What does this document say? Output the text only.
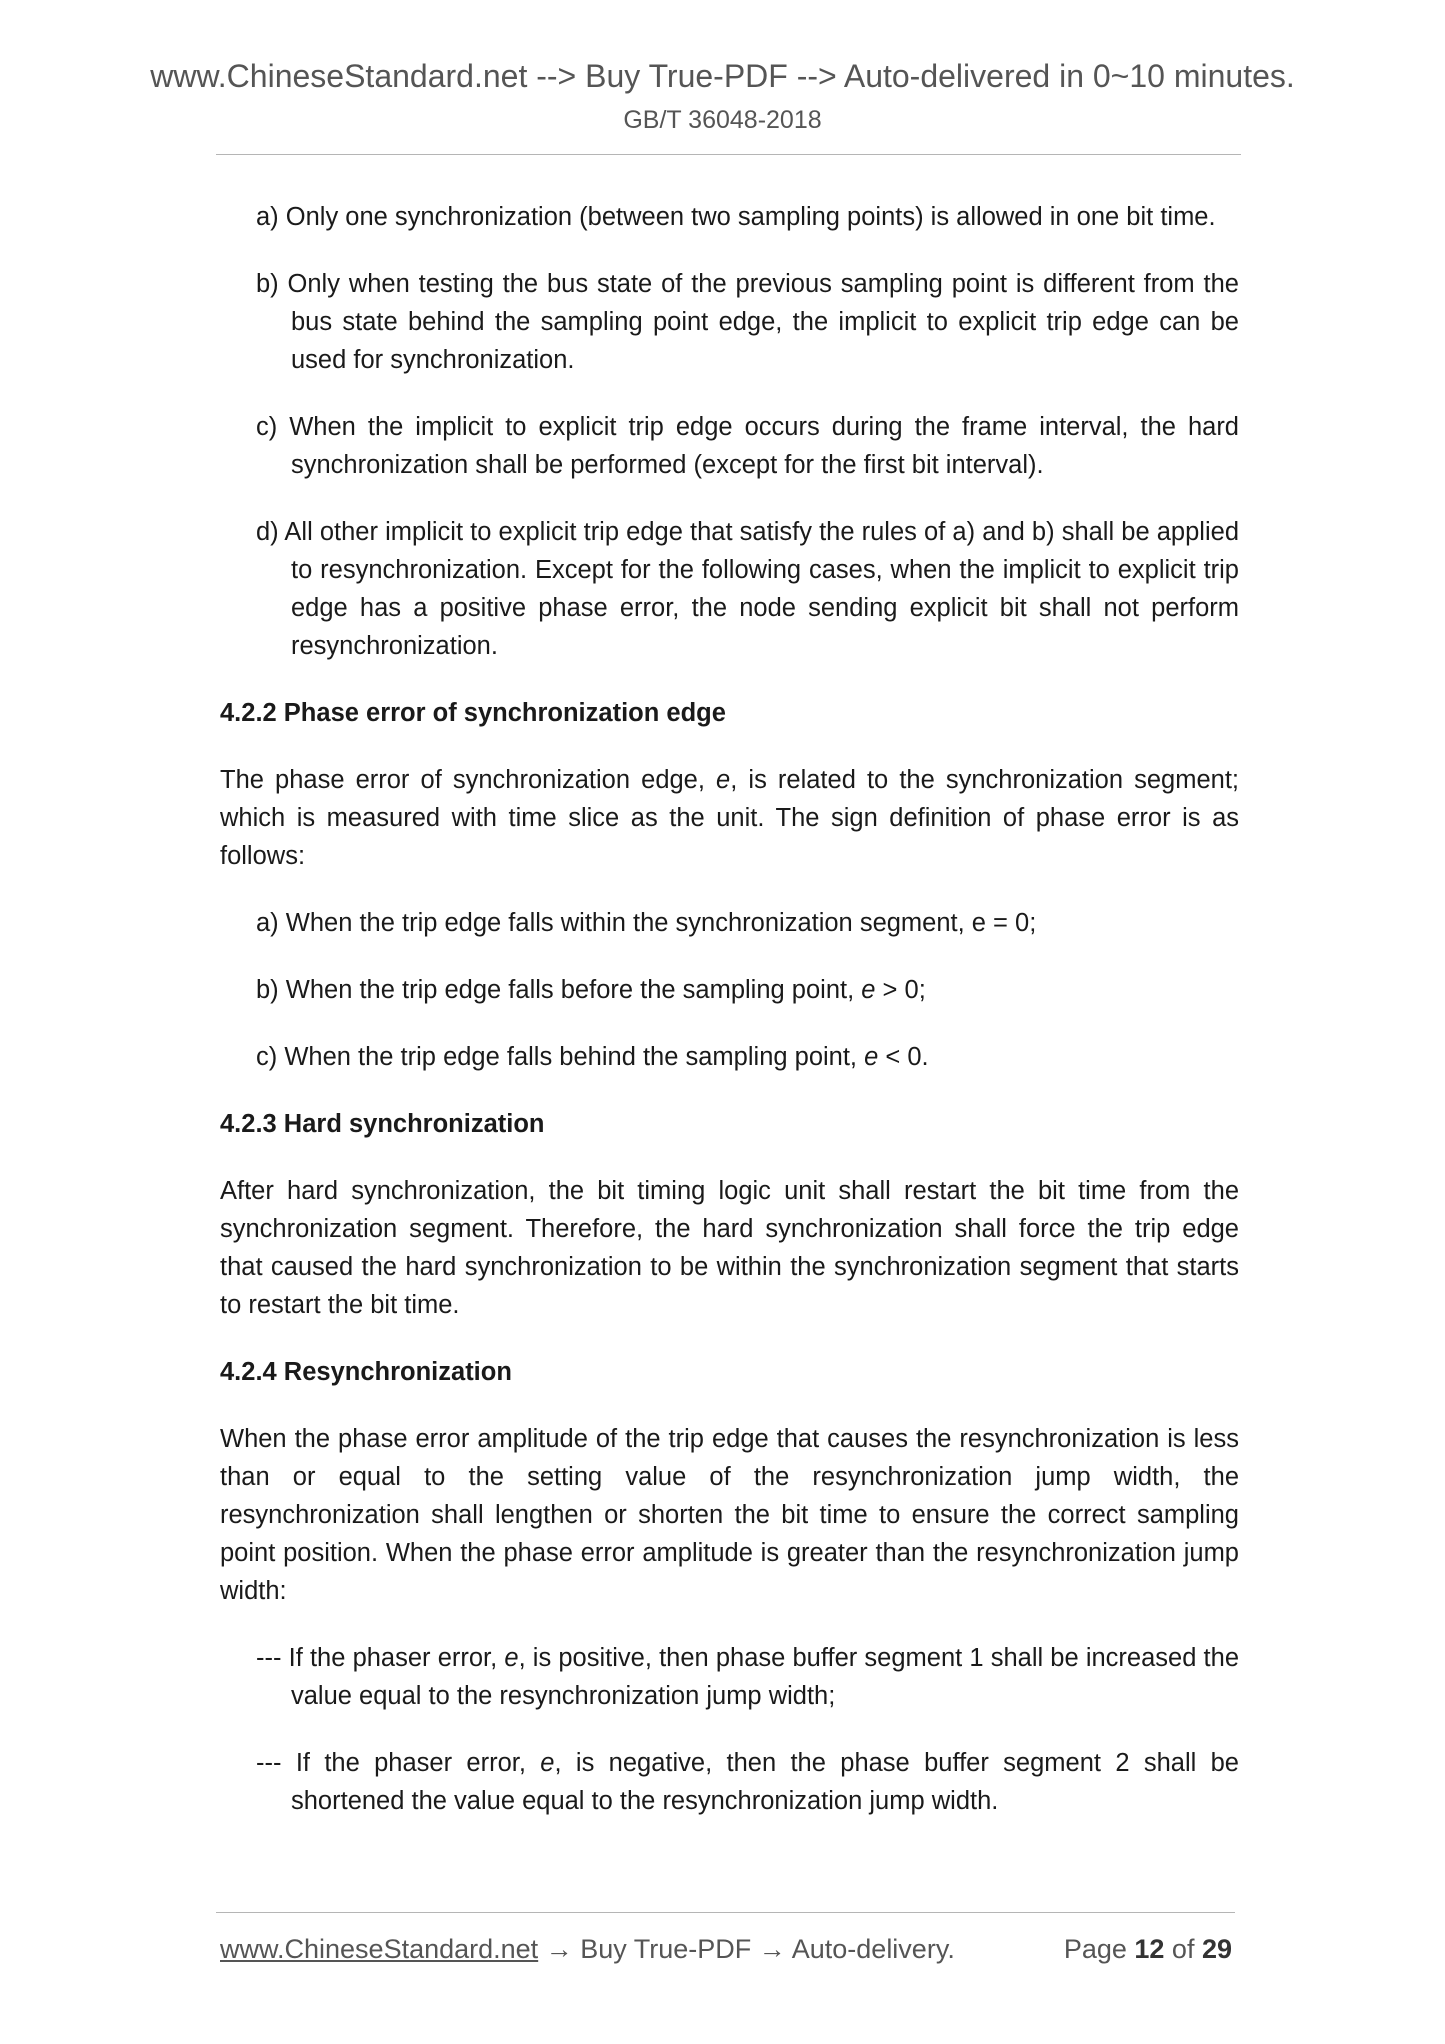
www.ChineseStandard.net --> Buy True-PDF --> Auto-delivered in 0~10 minutes.
GB/T 36048-2018

a) Only one synchronization (between two sampling points) is allowed in one bit time.

b) Only when testing the bus state of the previous sampling point is different from the bus state behind the sampling point edge, the implicit to explicit trip edge can be used for synchronization.

c) When the implicit to explicit trip edge occurs during the frame interval, the hard synchronization shall be performed (except for the first bit interval).

d) All other implicit to explicit trip edge that satisfy the rules of a) and b) shall be applied to resynchronization. Except for the following cases, when the implicit to explicit trip edge has a positive phase error, the node sending explicit bit shall not perform resynchronization.

4.2.2 Phase error of synchronization edge

The phase error of synchronization edge, e, is related to the synchronization segment; which is measured with time slice as the unit. The sign definition of phase error is as follows:

a) When the trip edge falls within the synchronization segment, e = 0;

b) When the trip edge falls before the sampling point, e > 0;

c) When the trip edge falls behind the sampling point, e < 0.

4.2.3 Hard synchronization

After hard synchronization, the bit timing logic unit shall restart the bit time from the synchronization segment. Therefore, the hard synchronization shall force the trip edge that caused the hard synchronization to be within the synchronization segment that starts to restart the bit time.

4.2.4 Resynchronization

When the phase error amplitude of the trip edge that causes the resynchronization is less than or equal to the setting value of the resynchronization jump width, the resynchronization shall lengthen or shorten the bit time to ensure the correct sampling point position. When the phase error amplitude is greater than the resynchronization jump width:

--- If the phaser error, e, is positive, then phase buffer segment 1 shall be increased the value equal to the resynchronization jump width;

--- If the phaser error, e, is negative, then the phase buffer segment 2 shall be shortened the value equal to the resynchronization jump width.

www.ChineseStandard.net → Buy True-PDF → Auto-delivery.	Page 12 of 29
